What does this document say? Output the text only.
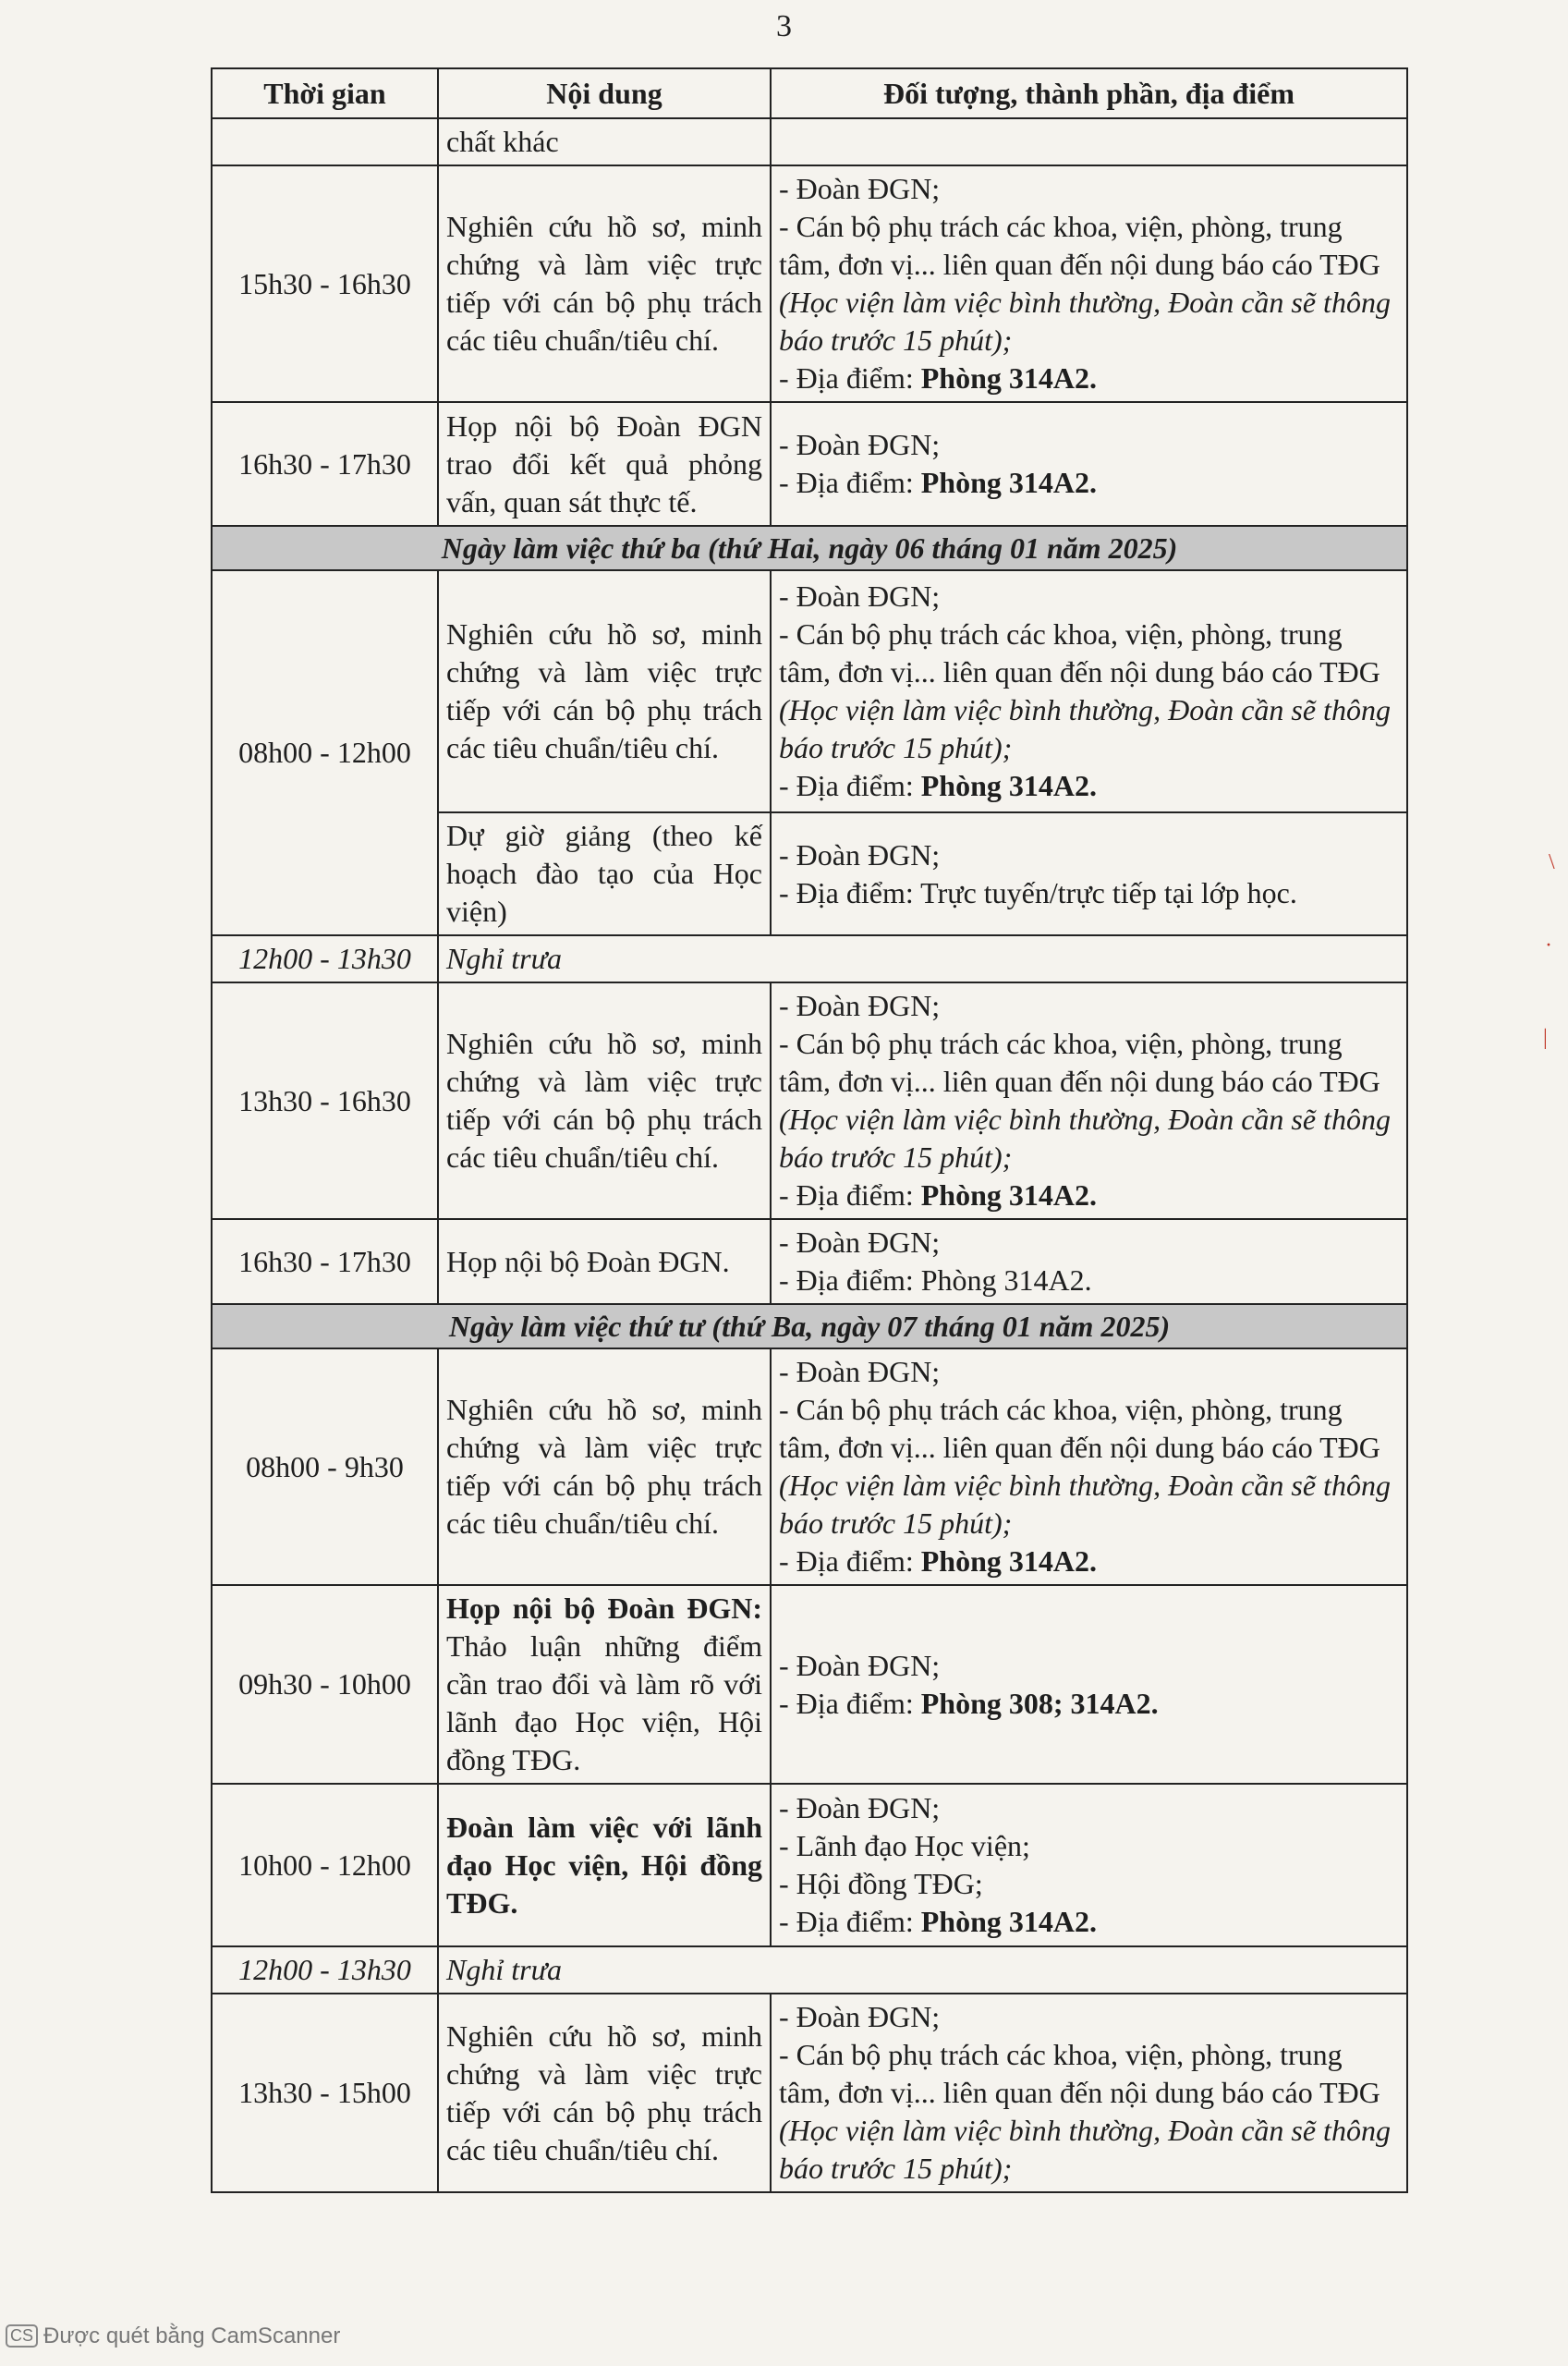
3
Thời gian	Nội dung	Đối tượng, thành phần, địa điểm
	chất khác	
15h30 - 16h30	Nghiên cứu hồ sơ, minh chứng và làm việc trực tiếp với cán bộ phụ trách các tiêu chuẩn/tiêu chí.	- Đoàn ĐGN;
- Cán bộ phụ trách các khoa, viện, phòng, trung tâm, đơn vị... liên quan đến nội dung báo cáo TĐG (Học viện làm việc bình thường, Đoàn cần sẽ thông báo trước 15 phút);
- Địa điểm: Phòng 314A2.

16h30 - 17h30	Họp nội bộ Đoàn ĐGN trao đổi kết quả phỏng vấn, quan sát thực tế.	- Đoàn ĐGN;
- Địa điểm: Phòng 314A2.

Ngày làm việc thứ ba (thứ Hai, ngày 06 tháng 01 năm 2025)		
08h00 - 12h00	Nghiên cứu hồ sơ, minh chứng và làm việc trực tiếp với cán bộ phụ trách các tiêu chuẩn/tiêu chí.	- Đoàn ĐGN;
- Cán bộ phụ trách các khoa, viện, phòng, trung tâm, đơn vị... liên quan đến nội dung báo cáo TĐG (Học viện làm việc bình thường, Đoàn cần sẽ thông báo trước 15 phút);
- Địa điểm: Phòng 314A2.

	Dự giờ giảng (theo kế hoạch đào tạo của Học viện)	- Đoàn ĐGN;
- Địa điểm: Trực tuyến/trực tiếp tại lớp học.

12h00 - 13h30	Nghỉ trưa	
13h30 - 16h30	Nghiên cứu hồ sơ, minh chứng và làm việc trực tiếp với cán bộ phụ trách các tiêu chuẩn/tiêu chí.	- Đoàn ĐGN;
- Cán bộ phụ trách các khoa, viện, phòng, trung tâm, đơn vị... liên quan đến nội dung báo cáo TĐG (Học viện làm việc bình thường, Đoàn cần sẽ thông báo trước 15 phút);
- Địa điểm: Phòng 314A2.

16h30 - 17h30	Họp nội bộ Đoàn ĐGN.	- Đoàn ĐGN;
- Địa điểm: Phòng 314A2.

Ngày làm việc thứ tư (thứ Ba, ngày 07 tháng 01 năm 2025)		
08h00 - 9h30	Nghiên cứu hồ sơ, minh chứng và làm việc trực tiếp với cán bộ phụ trách các tiêu chuẩn/tiêu chí.	- Đoàn ĐGN;
- Cán bộ phụ trách các khoa, viện, phòng, trung tâm, đơn vị... liên quan đến nội dung báo cáo TĐG (Học viện làm việc bình thường, Đoàn cần sẽ thông báo trước 15 phút);
- Địa điểm: Phòng 314A2.

09h30 - 10h00	Họp nội bộ Đoàn ĐGN: Thảo luận những điểm cần trao đổi và làm rõ với lãnh đạo Học viện, Hội đồng TĐG.	- Đoàn ĐGN;
- Địa điểm: Phòng 308; 314A2.

10h00 - 12h00	Đoàn làm việc với lãnh đạo Học viện, Hội đồng TĐG.	- Đoàn ĐGN;
- Lãnh đạo Học viện;
- Hội đồng TĐG;
- Địa điểm: Phòng 314A2.

12h00 - 13h30	Nghỉ trưa	
13h30 - 15h00	Nghiên cứu hồ sơ, minh chứng và làm việc trực tiếp với cán bộ phụ trách các tiêu chuẩn/tiêu chí.	- Đoàn ĐGN;
- Cán bộ phụ trách các khoa, viện, phòng, trung tâm, đơn vị... liên quan đến nội dung báo cáo TĐG (Học viện làm việc bình thường, Đoàn cần sẽ thông báo trước 15 phút);
\
·
|
CS Được quét bằng CamScanner
